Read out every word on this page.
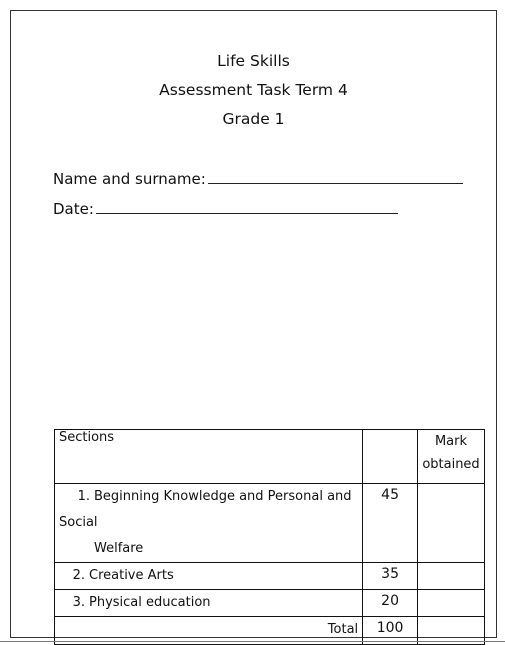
Life Skills
Assessment Task Term 4
Grade 1
Name and surname:
Date:
Sections		Mark obtained

1. Beginning Knowledge and Personal and Social
Welfare	45	
2. Creative Arts	35	
3. Physical education	20	
Total	100	
